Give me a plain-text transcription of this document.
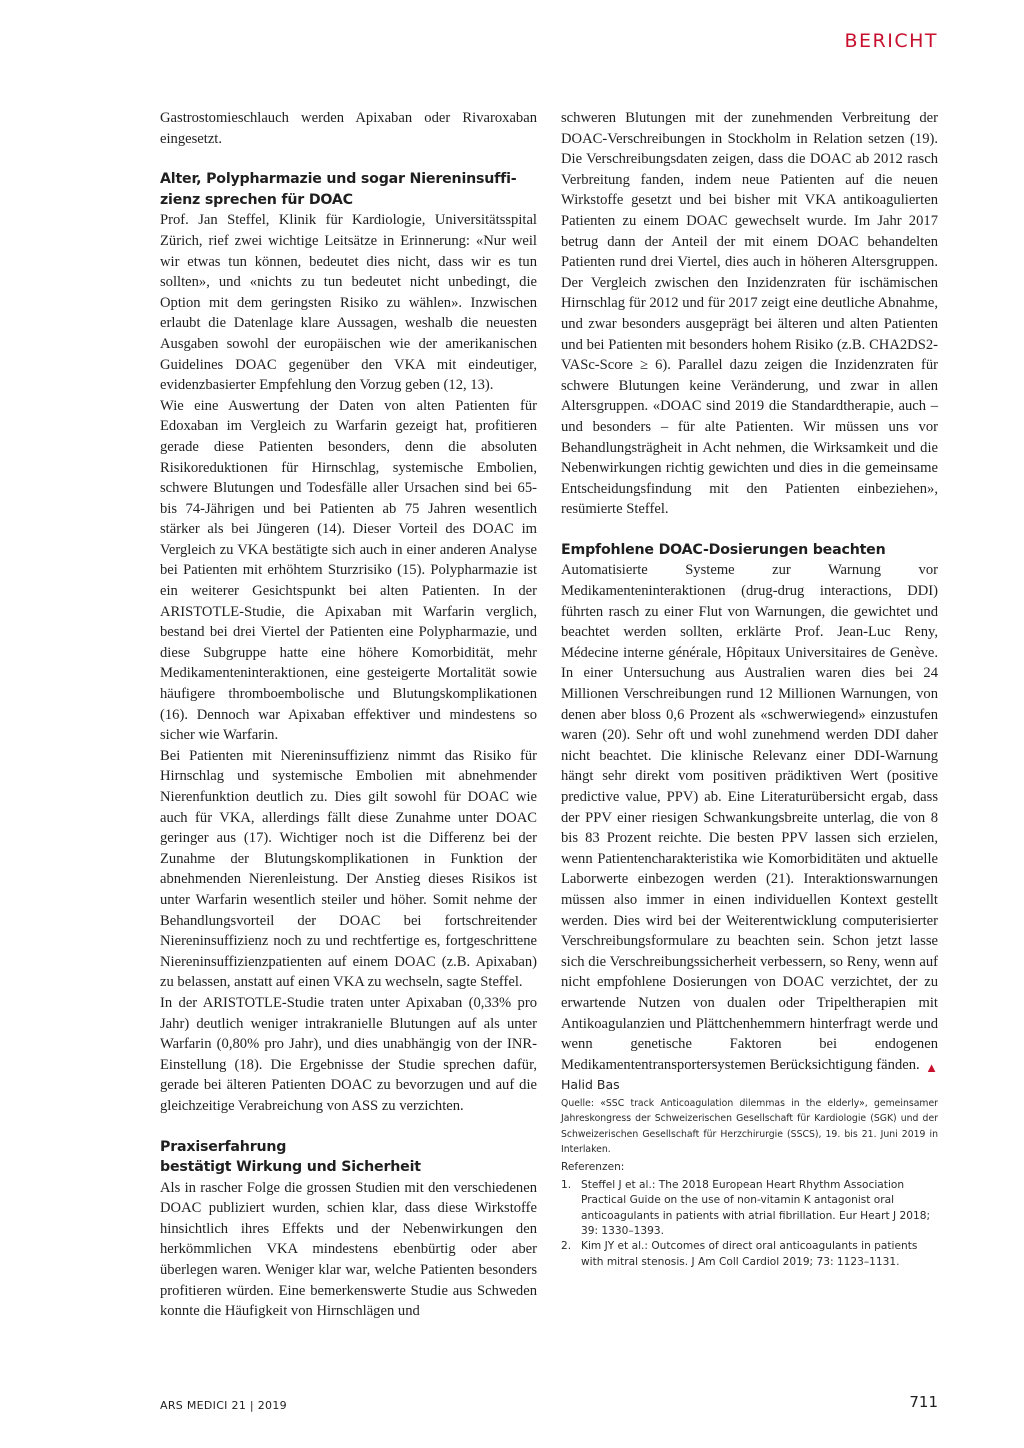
BERICHT

Gastrostomieschlauch werden Apixaban oder Rivaroxaban eingesetzt.

Alter, Polypharmazie und sogar Niereninsuffi-
zienz sprechen für DOAC

Prof. Jan Steffel, Klinik für Kardiologie, Universitätsspital Zürich, rief zwei wichtige Leitsätze in Erinnerung: «Nur weil wir etwas tun können, bedeutet dies nicht, dass wir es tun sollten», und «nichts zu tun bedeutet nicht unbedingt, die Option mit dem geringsten Risiko zu wählen». Inzwischen erlaubt die Datenlage klare Aussagen, weshalb die neuesten Ausgaben sowohl der europäischen wie der amerikanischen Guidelines DOAC gegenüber den VKA mit eindeutiger, evidenzbasierter Empfehlung den Vorzug geben (12, 13).

Wie eine Auswertung der Daten von alten Patienten für Edoxaban im Vergleich zu Warfarin gezeigt hat, profitieren gerade diese Patienten besonders, denn die absoluten Risikoreduktionen für Hirnschlag, systemische Embolien, schwere Blutungen und Todesfälle aller Ursachen sind bei 65- bis 74-Jährigen und bei Patienten ab 75 Jahren wesentlich stärker als bei Jüngeren (14). Dieser Vorteil des DOAC im Vergleich zu VKA bestätigte sich auch in einer anderen Analyse bei Patienten mit erhöhtem Sturzrisiko (15). Polypharmazie ist ein weiterer Gesichtspunkt bei alten Patienten. In der ARISTOTLE-Studie, die Apixaban mit Warfarin verglich, bestand bei drei Viertel der Patienten eine Polypharmazie, und diese Subgruppe hatte eine höhere Komorbidität, mehr Medikamenteninteraktionen, eine gesteigerte Mortalität sowie häufigere thromboembolische und Blutungskomplikationen (16). Dennoch war Apixaban effektiver und mindestens so sicher wie Warfarin.

Bei Patienten mit Niereninsuffizienz nimmt das Risiko für Hirnschlag und systemische Embolien mit abnehmender Nierenfunktion deutlich zu. Dies gilt sowohl für DOAC wie auch für VKA, allerdings fällt diese Zunahme unter DOAC geringer aus (17). Wichtiger noch ist die Differenz bei der Zunahme der Blutungskomplikationen in Funktion der abnehmenden Nierenleistung. Der Anstieg dieses Risikos ist unter Warfarin wesentlich steiler und höher. Somit nehme der Behandlungsvorteil der DOAC bei fortschreitender Niereninsuffizienz noch zu und rechtfertige es, fortgeschrittene Niereninsuffizienzpatienten auf einem DOAC (z.B. Apixaban) zu belassen, anstatt auf einen VKA zu wechseln, sagte Steffel.

In der ARISTOTLE-Studie traten unter Apixaban (0,33% pro Jahr) deutlich weniger intrakranielle Blutungen auf als unter Warfarin (0,80% pro Jahr), und dies unabhängig von der INR-Einstellung (18). Die Ergebnisse der Studie sprechen dafür, gerade bei älteren Patienten DOAC zu bevorzugen und auf die gleichzeitige Verabreichung von ASS zu verzichten.

Praxiserfahrung
bestätigt Wirkung und Sicherheit

Als in rascher Folge die grossen Studien mit den verschiedenen DOAC publiziert wurden, schien klar, dass diese Wirkstoffe hinsichtlich ihres Effekts und der Nebenwirkungen den herkömmlichen VKA mindestens ebenbürtig oder aber überlegen waren. Weniger klar war, welche Patienten besonders profitieren würden. Eine bemerkenswerte Studie aus Schweden konnte die Häufigkeit von Hirnschlägen und

schweren Blutungen mit der zunehmenden Verbreitung der DOAC-Verschreibungen in Stockholm in Relation setzen (19). Die Verschreibungsdaten zeigen, dass die DOAC ab 2012 rasch Verbreitung fanden, indem neue Patienten auf die neuen Wirkstoffe gesetzt und bei bisher mit VKA antikoagulierten Patienten zu einem DOAC gewechselt wurde. Im Jahr 2017 betrug dann der Anteil der mit einem DOAC behandelten Patienten rund drei Viertel, dies auch in höheren Altersgruppen. Der Vergleich zwischen den Inzidenzraten für ischämischen Hirnschlag für 2012 und für 2017 zeigt eine deutliche Abnahme, und zwar besonders ausgeprägt bei älteren und alten Patienten und bei Patienten mit besonders hohem Risiko (z.B. CHA2DS2-VASc-Score ≥ 6). Parallel dazu zeigen die Inzidenzraten für schwere Blutungen keine Veränderung, und zwar in allen Altersgruppen. «DOAC sind 2019 die Standardtherapie, auch – und besonders – für alte Patienten. Wir müssen uns vor Behandlungsträgheit in Acht nehmen, die Wirksamkeit und die Nebenwirkungen richtig gewichten und dies in die gemeinsame Entscheidungsfindung mit den Patienten einbeziehen», resümierte Steffel.

Empfohlene DOAC-Dosierungen beachten

Automatisierte Systeme zur Warnung vor Medikamenteninteraktionen (drug-drug interactions, DDI) führten rasch zu einer Flut von Warnungen, die gewichtet und beachtet werden sollten, erklärte Prof. Jean-Luc Reny, Médecine interne générale, Hôpitaux Universitaires de Genève. In einer Untersuchung aus Australien waren dies bei 24 Millionen Verschreibungen rund 12 Millionen Warnungen, von denen aber bloss 0,6 Prozent als «schwerwiegend» einzustufen waren (20). Sehr oft und wohl zunehmend werden DDI daher nicht beachtet. Die klinische Relevanz einer DDI-Warnung hängt sehr direkt vom positiven prädiktiven Wert (positive predictive value, PPV) ab. Eine Literaturübersicht ergab, dass der PPV einer riesigen Schwankungsbreite unterlag, die von 8 bis 83 Prozent reichte. Die besten PPV lassen sich erzielen, wenn Patientencharakteristika wie Komorbiditäten und aktuelle Laborwerte einbezogen werden (21). Interaktionswarnungen müssen also immer in einen individuellen Kontext gestellt werden. Dies wird bei der Weiterentwicklung computerisierter Verschreibungsformulare zu beachten sein. Schon jetzt lasse sich die Verschreibungssicherheit verbessern, so Reny, wenn auf nicht empfohlene Dosierungen von DOAC verzichtet, der zu erwartende Nutzen von dualen oder Tripeltherapien mit Antikoagulanzien und Plättchenhemmern hinterfragt werde und wenn genetische Faktoren bei endogenen Medikamententransportersystemen Berücksichtigung fänden. ▲

Halid Bas

Quelle: «SSC track Anticoagulation dilemmas in the elderly», gemeinsamer Jahreskongress der Schweizerischen Gesellschaft für Kardiologie (SGK) und der Schweizerischen Gesellschaft für Herzchirurgie (SSCS), 19. bis 21. Juni 2019 in Interlaken.

Referenzen:

1. Steffel J et al.: The 2018 European Heart Rhythm Association Practical Guide on the use of non-vitamin K antagonist oral anticoagulants in patients with atrial fibrillation. Eur Heart J 2018; 39: 1330–1393.
2. Kim JY et al.: Outcomes of direct oral anticoagulants in patients with mitral stenosis. J Am Coll Cardiol 2019; 73: 1123–1131.
ARS MEDICI 21 | 2019	711
